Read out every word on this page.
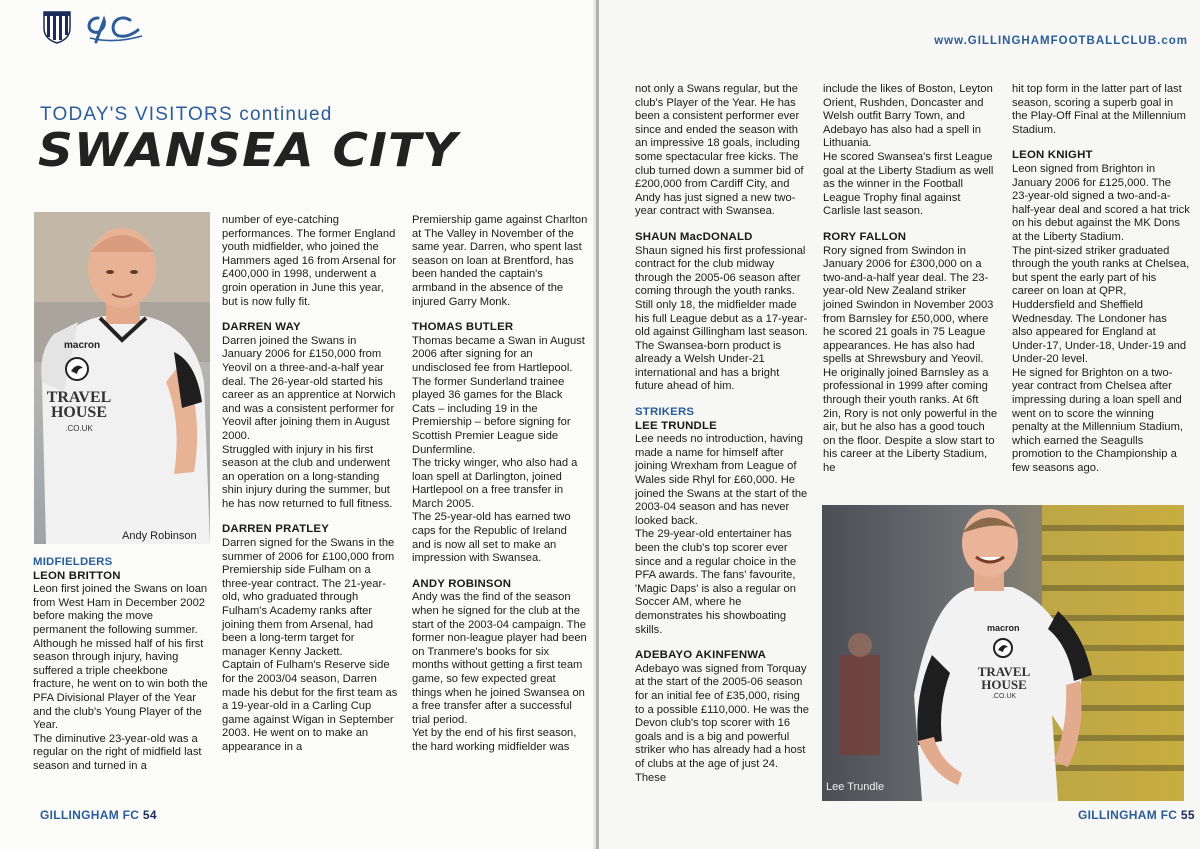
TODAY'S VISITORS continued
SWANSEA CITY
macron
TRAVEL HOUSE
.CO.UK
Andy Robinson
MIDFIELDERS
LEON BRITTON

Leon first joined the Swans on loan from West Ham in December 2002 before making the move permanent the following summer. Although he missed half of his first season through injury, having suffered a triple cheekbone fracture, he went on to win both the PFA Divisional Player of the Year and the club's Young Player of the Year.

The diminutive 23-year-old was a regular on the right of midfield last season and turned in a

number of eye-catching performances. The former England youth midfielder, who joined the Hammers aged 16 from Arsenal for £400,000 in 1998, underwent a groin operation in June this year, but is now fully fit.

DARREN WAY

Darren joined the Swans in January 2006 for £150,000 from Yeovil on a three-and-a-half year deal. The 26-year-old started his career as an apprentice at Norwich and was a consistent performer for Yeovil after joining them in August 2000.

Struggled with injury in his first season at the club and underwent an operation on a long-standing shin injury during the summer, but he has now returned to full fitness.

DARREN PRATLEY

Darren signed for the Swans in the summer of 2006 for £100,000 from Premiership side Fulham on a three-year contract. The 21-year-old, who graduated through Fulham's Academy ranks after joining them from Arsenal, had been a long-term target for manager Kenny Jackett.

Captain of Fulham's Reserve side for the 2003/04 season, Darren made his debut for the first team as a 19-year-old in a Carling Cup game against Wigan in September 2003. He went on to make an appearance in a

Premiership game against Charlton at The Valley in November of the same year. Darren, who spent last season on loan at Brentford, has been handed the captain's armband in the absence of the injured Garry Monk.

THOMAS BUTLER

Thomas became a Swan in August 2006 after signing for an undisclosed fee from Hartlepool. The former Sunderland trainee played 36 games for the Black Cats – including 19 in the Premiership – before signing for Scottish Premier League side Dunfermline.

The tricky winger, who also had a loan spell at Darlington, joined Hartlepool on a free transfer in March 2005.

The 25-year-old has earned two caps for the Republic of Ireland and is now all set to make an impression with Swansea.

ANDY ROBINSON

Andy was the find of the season when he signed for the club at the start of the 2003-04 campaign. The former non-league player had been on Tranmere's books for six months without getting a first team game, so few expected great things when he joined Swansea on a free transfer after a successful trial period.

Yet by the end of his first season, the hard working midfielder was

GILLINGHAM FC 54
www.GILLINGHAMFOOTBALLCLUB.com

not only a Swans regular, but the club's Player of the Year. He has been a consistent performer ever since and ended the season with an impressive 18 goals, including some spectacular free kicks. The club turned down a summer bid of £200,000 from Cardiff City, and Andy has just signed a new two-year contract with Swansea.

SHAUN MacDONALD

Shaun signed his first professional contract for the club midway through the 2005-06 season after coming through the youth ranks. Still only 18, the midfielder made his full League debut as a 17-year-old against Gillingham last season. The Swansea-born product is already a Welsh Under-21 international and has a bright future ahead of him.

STRIKERS
LEE TRUNDLE

Lee needs no introduction, having made a name for himself after joining Wrexham from League of Wales side Rhyl for £60,000. He joined the Swans at the start of the 2003-04 season and has never looked back.

The 29-year-old entertainer has been the club's top scorer ever since and a regular choice in the PFA awards. The fans' favourite, 'Magic Daps' is also a regular on Soccer AM, where he demonstrates his showboating skills.

ADEBAYO AKINFENWA

Adebayo was signed from Torquay at the start of the 2005-06 season for an initial fee of £35,000, rising to a possible £110,000. He was the Devon club's top scorer with 16 goals and is a big and powerful striker who has already had a host of clubs at the age of just 24. These

include the likes of Boston, Leyton Orient, Rushden, Doncaster and Welsh outfit Barry Town, and Adebayo has also had a spell in Lithuania.

He scored Swansea's first League goal at the Liberty Stadium as well as the winner in the Football League Trophy final against Carlisle last season.

RORY FALLON

Rory signed from Swindon in January 2006 for £300,000 on a two-and-a-half year deal. The 23-year-old New Zealand striker joined Swindon in November 2003 from Barnsley for £50,000, where he scored 21 goals in 75 League appearances. He has also had spells at Shrewsbury and Yeovil.

He originally joined Barnsley as a professional in 1999 after coming through their youth ranks. At 6ft 2in, Rory is not only powerful in the air, but he also has a good touch on the floor. Despite a slow start to his career at the Liberty Stadium, he

hit top form in the latter part of last season, scoring a superb goal in the Play-Off Final at the Millennium Stadium.

LEON KNIGHT

Leon signed from Brighton in January 2006 for £125,000. The 23-year-old signed a two-and-a-half-year deal and scored a hat trick on his debut against the MK Dons at the Liberty Stadium.

The pint-sized striker graduated through the youth ranks at Chelsea, but spent the early part of his career on loan at QPR, Huddersfield and Sheffield Wednesday. The Londoner has also appeared for England at Under-17, Under-18, Under-19 and Under-20 level.

He signed for Brighton on a two-year contract from Chelsea after impressing during a loan spell and went on to score the winning penalty at the Millennium Stadium, which earned the Seagulls promotion to the Championship a few seasons ago.

GILLINGHAM FC 55
macron
TRAVEL HOUSE
.CO.UK
Lee Trundle
